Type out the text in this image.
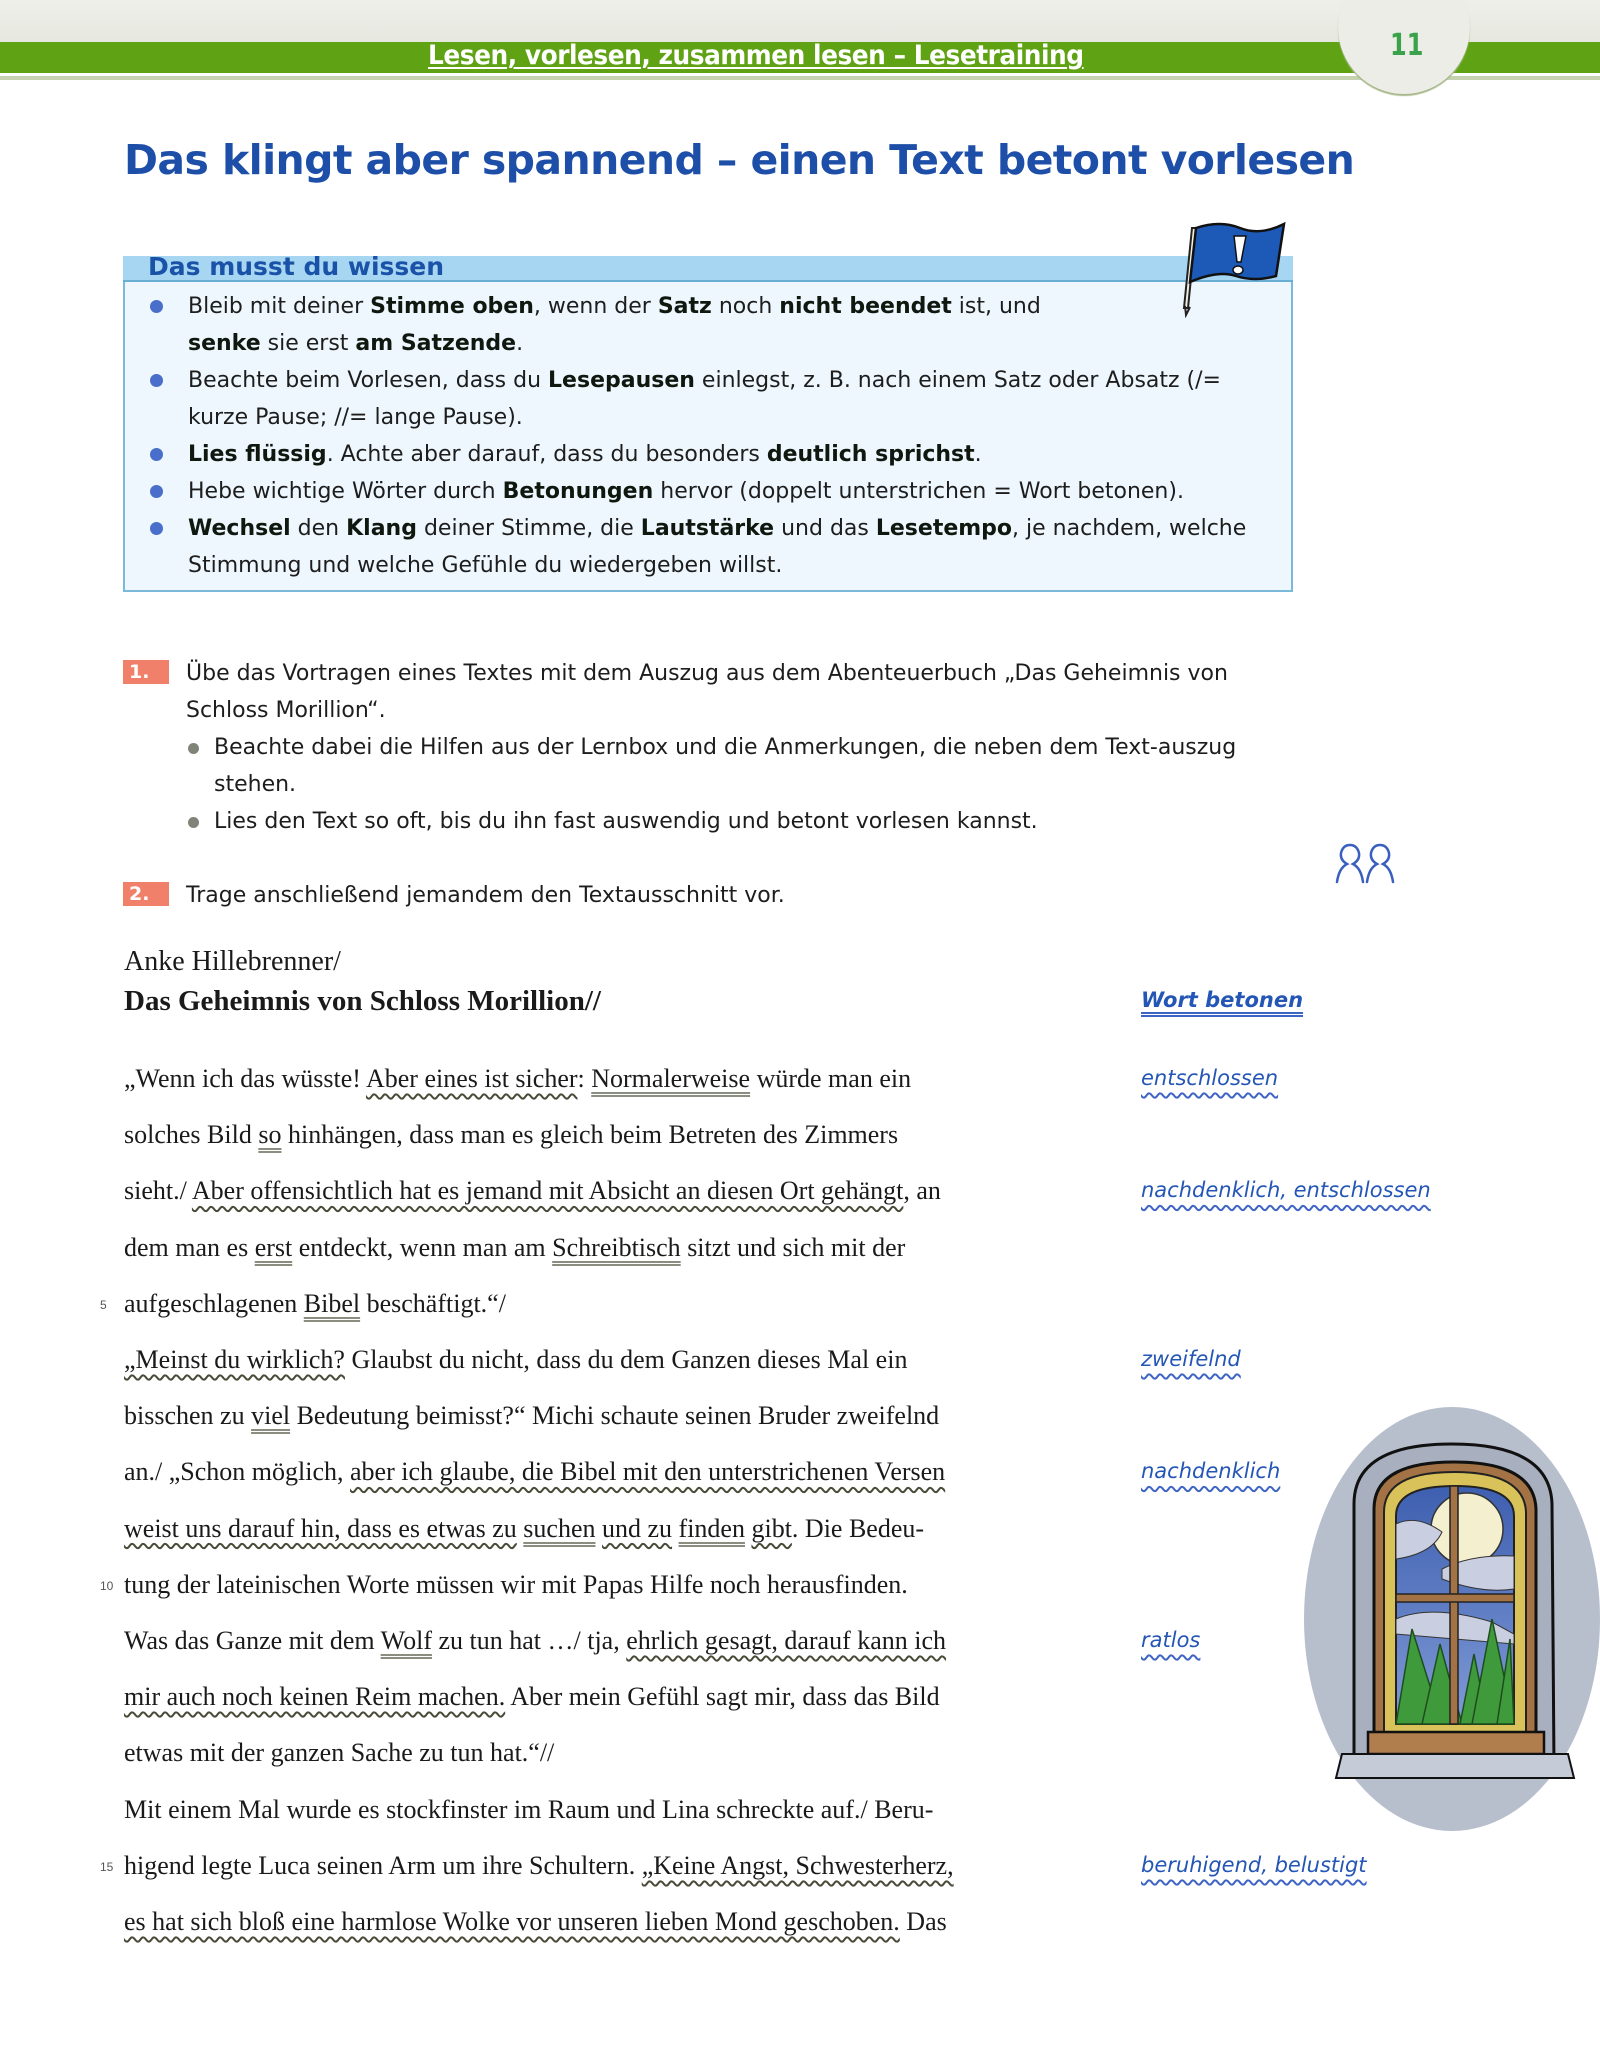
Lesen, vorlesen, zusammen lesen – Lesetraining	11
Das klingt aber spannend – einen Text betont vorlesen
Das musst du wissen
Bleib mit deiner Stimme oben, wenn der Satz noch nicht beendet ist, und senke sie erst am Satzende.
Beachte beim Vorlesen, dass du Lesepausen einlegst, z. B. nach einem Satz oder Absatz (/= kurze Pause; //= lange Pause).
Lies flüssig. Achte aber darauf, dass du besonders deutlich sprichst.
Hebe wichtige Wörter durch Betonungen hervor (doppelt unterstrichen = Wort betonen).
Wechsel den Klang deiner Stimme, die Lautstärke und das Lesetempo, je nachdem, welche Stimmung und welche Gefühle du wiedergeben willst.
1.	Übe das Vortragen eines Textes mit dem Auszug aus dem Abenteuerbuch „Das Geheimnis von Schloss Morillion“.
Beachte dabei die Hilfen aus der Lernbox und die Anmerkungen, die neben dem Text-auszug stehen.
Lies den Text so oft, bis du ihn fast auswendig und betont vorlesen kannst.
2.	Trage anschließend jemandem den Textausschnitt vor.
Anke Hillebrenner/
Das Geheimnis von Schloss Morillion//
„Wenn ich das wüsste! Aber eines ist sicher: Normalerweise würde man ein
solches Bild so hinhängen, dass man es gleich beim Betreten des Zimmers
sieht./ Aber offensichtlich hat es jemand mit Absicht an diesen Ort gehängt, an
dem man es erst entdeckt, wenn man am Schreibtisch sitzt und sich mit der
5 aufgeschlagenen Bibel beschäftigt.“/
„Meinst du wirklich? Glaubst du nicht, dass du dem Ganzen dieses Mal ein
bisschen zu viel Bedeutung beimisst?“ Michi schaute seinen Bruder zweifelnd
an./ „Schon möglich, aber ich glaube, die Bibel mit den unterstrichenen Versen
weist uns darauf hin, dass es etwas zu suchen und zu finden gibt. Die Bedeu-
10 tung der lateinischen Worte müssen wir mit Papas Hilfe noch herausfinden.
Was das Ganze mit dem Wolf zu tun hat …/ tja, ehrlich gesagt, darauf kann ich
mir auch noch keinen Reim machen. Aber mein Gefühl sagt mir, dass das Bild
etwas mit der ganzen Sache zu tun hat.“//
Mit einem Mal wurde es stockfinster im Raum und Lina schreckte auf./ Beru-
15 higend legte Luca seinen Arm um ihre Schultern. „Keine Angst, Schwesterherz,
es hat sich bloß eine harmlose Wolke vor unseren lieben Mond geschoben. Das
Wort betonen
entschlossen
nachdenklich, entschlossen
zweifelnd
nachdenklich
ratlos
beruhigend, belustigt
